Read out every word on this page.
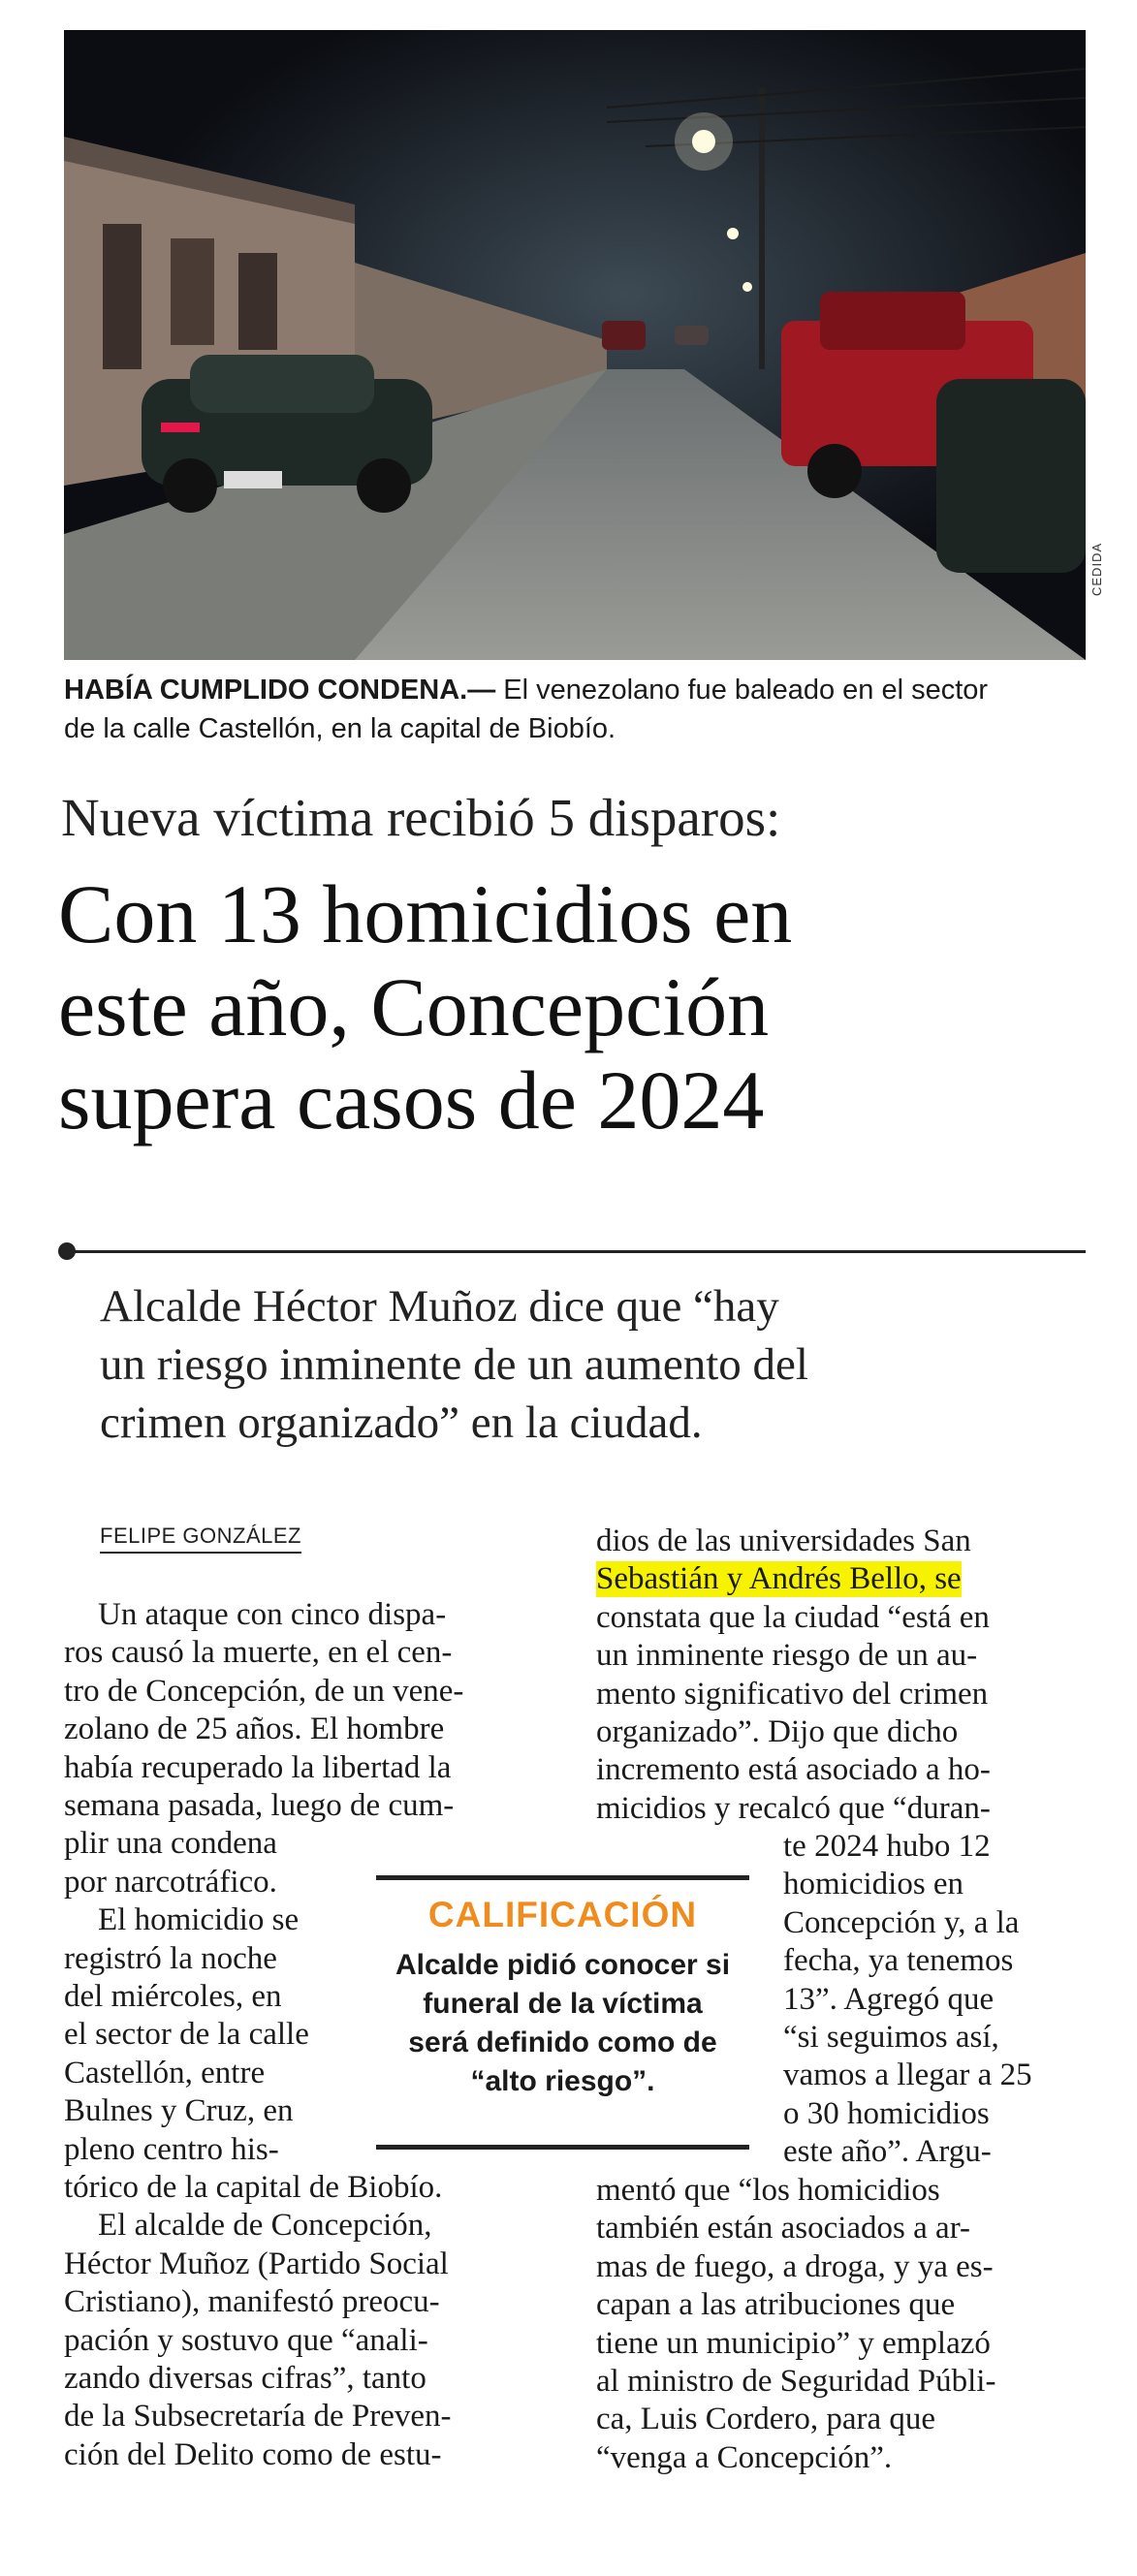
CEDIDA
HABÍA CUMPLIDO CONDENA.— El venezolano fue baleado en el sector
de la calle Castellón, en la capital de Biobío.
Nueva víctima recibió 5 disparos:
Con 13 homicidios en
este año, Concepción
supera casos de 2024
Alcalde Héctor Muñoz dice que “hay
un riesgo inminente de un aumento del
crimen organizado” en la ciudad.
FELIPE GONZÁLEZ
Un ataque con cinco dispa-
ros causó la muerte, en el cen-
tro de Concepción, de un vene-
zolano de 25 años. El hombre
había recuperado la libertad la
semana pasada, luego de cum-
plir una condena
por narcotráfico.
El homicidio se
registró la noche
del miércoles, en
el sector de la calle
Castellón, entre
Bulnes y Cruz, en
pleno centro his-
tórico de la capital de Biobío.
El alcalde de Concepción,
Héctor Muñoz (Partido Social
Cristiano), manifestó preocu-
pación y sostuvo que “anali-
zando diversas cifras”, tanto
de la Subsecretaría de Preven-
ción del Delito como de estu-
dios de las universidades San
Sebastián y Andrés Bello, se
constata que la ciudad “está en
un inminente riesgo de un au-
mento significativo del crimen
organizado”. Dijo que dicho
incremento está asociado a ho-
micidios y recalcó que “duran-
te 2024 hubo 12
homicidios en
Concepción y, a la
fecha, ya tenemos
13”. Agregó que
“si seguimos así,
vamos a llegar a 25
o 30 homicidios
este año”. Argu-
mentó que “los homicidios
también están asociados a ar-
mas de fuego, a droga, y ya es-
capan a las atribuciones que
tiene un municipio” y emplazó
al ministro de Seguridad Públi-
ca, Luis Cordero, para que
“venga a Concepción”.
CALIFICACIÓN
Alcalde pidió conocer si
funeral de la víctima
será definido como de
“alto riesgo”.
